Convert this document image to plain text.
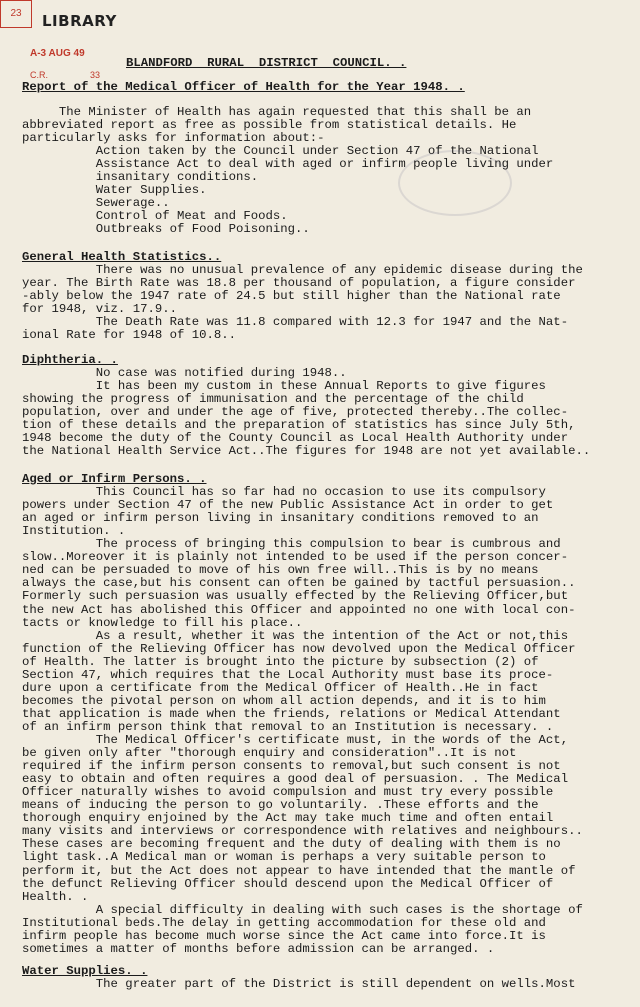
23	LIBRARY
A-3 AUG 49
C.R.	33
BLANDFORD  RURAL  DISTRICT  COUNCIL. .
Report of the Medical Officer of Health for the Year 1948. .
The Minister of Health has again requested that this shall be an
abbreviated report as free as possible from statistical details. He
particularly asks for information about:-
Action taken by the Council under Section 47 of the National
Assistance Act to deal with aged or infirm people living under
insanitary conditions.
Water Supplies.
Sewerage..
Control of Meat and Foods.
Outbreaks of Food Poisoning..
General Health Statistics..
There was no unusual prevalence of any epidemic disease during the
year. The Birth Rate was 18.8 per thousand of population, a figure consider
-ably below the 1947 rate of 24.5 but still higher than the National rate
for 1948, viz. 17.9..
The Death Rate was 11.8 compared with 12.3 for 1947 and the Nat-
ional Rate for 1948 of 10.8..
Diphtheria. .
No case was notified during 1948..
It has been my custom in these Annual Reports to give figures
showing the progress of immunisation and the percentage of the child
population, over and under the age of five, protected thereby..The collec-
tion of these details and the preparation of statistics has since July 5th,
1948 become the duty of the County Council as Local Health Authority under
the National Health Service Act..The figures for 1948 are not yet available..
Aged or Infirm Persons. .
This Council has so far had no occasion to use its compulsory
powers under Section 47 of the new Public Assistance Act in order to get
an aged or infirm person living in insanitary conditions removed to an
Institution. .
The process of bringing this compulsion to bear is cumbrous and
slow..Moreover it is plainly not intended to be used if the person concer-
ned can be persuaded to move of his own free will..This is by no means
always the case,but his consent can often be gained by tactful persuasion..
Formerly such persuasion was usually effected by the Relieving Officer,but
the new Act has abolished this Officer and appointed no one with local con-
tacts or knowledge to fill his place..
As a result, whether it was the intention of the Act or not,this
function of the Relieving Officer has now devolved upon the Medical Officer
of Health. The latter is brought into the picture by subsection (2) of
Section 47, which requires that the Local Authority must base its proce-
dure upon a certificate from the Medical Officer of Health..He in fact
becomes the pivotal person on whom all action depends, and it is to him
that application is made when the friends, relations or Medical Attendant
of an infirm person think that removal to an Institution is necessary. .
The Medical Officer's certificate must, in the words of the Act,
be given only after "thorough enquiry and consideration"..It is not
required if the infirm person consents to removal,but such consent is not
easy to obtain and often requires a good deal of persuasion. . The Medical
Officer naturally wishes to avoid compulsion and must try every possible
means of inducing the person to go voluntarily. .These efforts and the
thorough enquiry enjoined by the Act may take much time and often entail
many visits and interviews or correspondence with relatives and neighbours..
These cases are becoming frequent and the duty of dealing with them is no
light task..A Medical man or woman is perhaps a very suitable person to
perform it, but the Act does not appear to have intended that the mantle of
the defunct Relieving Officer should descend upon the Medical Officer of
Health. .
A special difficulty in dealing with such cases is the shortage of
Institutional beds.The delay in getting accommodation for these old and
infirm people has become much worse since the Act came into force.It is
sometimes a matter of months before admission can be arranged. .
Water Supplies. .
The greater part of the District is still dependent on wells.Most
